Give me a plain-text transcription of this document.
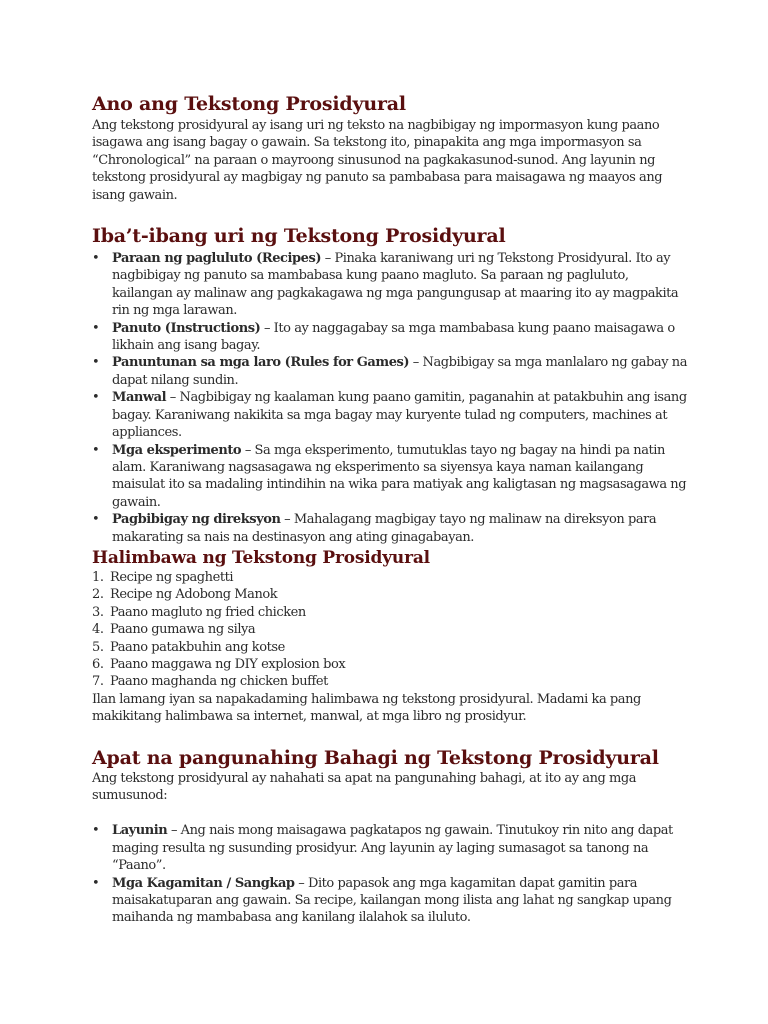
Ano ang Tekstong Prosidyural

Ang tekstong prosidyural ay isang uri ng teksto na nagbibigay ng impormasyon kung paano isagawa ang isang bagay o gawain. Sa tekstong ito, pinapakita ang mga impormasyon sa “Chronological” na paraan o mayroong sinusunod na pagkakasunod-sunod. Ang layunin ng tekstong prosidyural ay magbigay ng panuto sa pambabasa para maisagawa ng maayos ang isang gawain.

Iba’t-ibang uri ng Tekstong Prosidyural
• Paraan ng pagluluto (Recipes) – Pinaka karaniwang uri ng Tekstong Prosidyural. Ito ay nagbibigay ng panuto sa mambabasa kung paano magluto. Sa paraan ng pagluluto, kailangan ay malinaw ang pagkakagawa ng mga pangungusap at maaring ito ay magpakita rin ng mga larawan.
• Panuto (Instructions) – Ito ay naggagabay sa mga mambabasa kung paano maisagawa o likhain ang isang bagay.
• Panuntunan sa mga laro (Rules for Games) – Nagbibigay sa mga manlalaro ng gabay na dapat nilang sundin.
• Manwal – Nagbibigay ng kaalaman kung paano gamitin, paganahin at patakbuhin ang isang bagay. Karaniwang nakikita sa mga bagay may kuryente tulad ng computers, machines at appliances.
• Mga eksperimento – Sa mga eksperimento, tumutuklas tayo ng bagay na hindi pa natin alam. Karaniwang nagsasagawa ng eksperimento sa siyensya kaya naman kailangang maisulat ito sa madaling intindihin na wika para matiyak ang kaligtasan ng magsasagawa ng gawain.
• Pagbibigay ng direksyon – Mahalagang magbigay tayo ng malinaw na direksyon para makarating sa nais na destinasyon ang ating ginagabayan.
Halimbawa ng Tekstong Prosidyural
1. Recipe ng spaghetti
2. Recipe ng Adobong Manok
3. Paano magluto ng fried chicken
4. Paano gumawa ng silya
5. Paano patakbuhin ang kotse
6. Paano maggawa ng DIY explosion box
7. Paano maghanda ng chicken buffet

Ilan lamang iyan sa napakadaming halimbawa ng tekstong prosidyural. Madami ka pang makikitang halimbawa sa internet, manwal, at mga libro ng prosidyur.

Apat na pangunahing Bahagi ng Tekstong Prosidyural

Ang tekstong prosidyural ay nahahati sa apat na pangunahing bahagi, at ito ay ang mga sumusunod:

• Layunin – Ang nais mong maisagawa pagkatapos ng gawain. Tinutukoy rin nito ang dapat maging resulta ng susunding prosidyur. Ang layunin ay laging sumasagot sa tanong na “Paano”.
• Mga Kagamitan / Sangkap – Dito papasok ang mga kagamitan dapat gamitin para maisakatuparan ang gawain. Sa recipe, kailangan mong ilista ang lahat ng sangkap upang maihanda ng mambabasa ang kanilang ilalahok sa iluluto.
